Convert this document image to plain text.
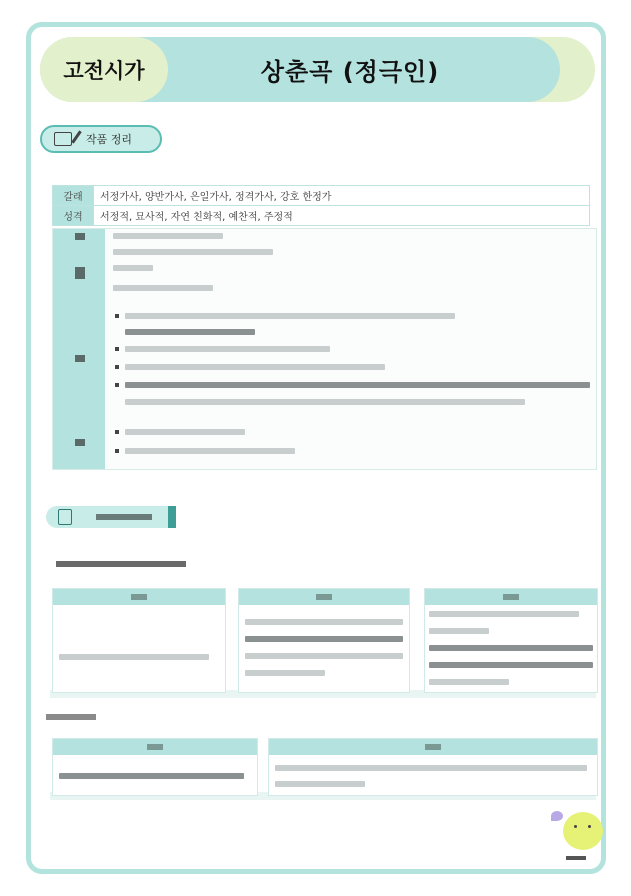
고전시가	상춘곡 (정극인)
작품 정리
갈래	서정가사, 양반가사, 은일가사, 정격가사, 강호 한정가
성격	서정적, 묘사적, 자연 친화적, 예찬적, 주정적
